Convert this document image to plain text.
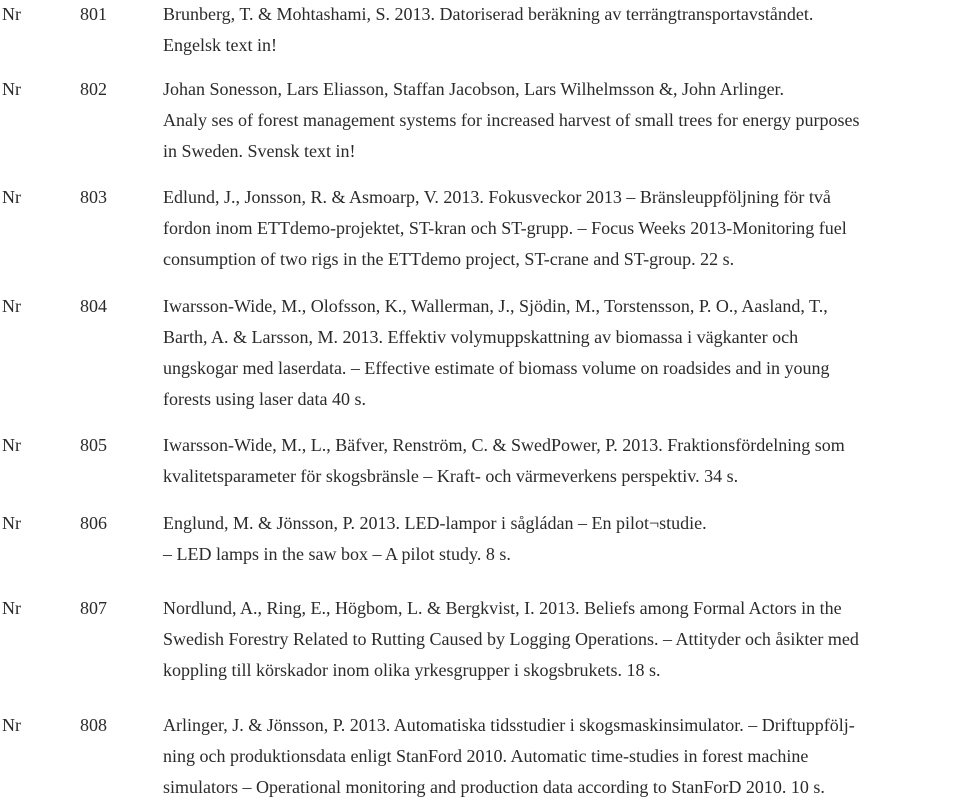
Nr	801	Brunberg, T. & Mohtashami, S. 2013. Datoriserad beräkning av terrängtransportavståndet.
Engelsk text in!
Nr	802	Johan Sonesson, Lars Eliasson, Staffan Jacobson, Lars Wilhelmsson &, John Arlinger.
Analy ses of forest management systems for increased harvest of small trees for energy purposes
in Sweden. Svensk text in!
Nr	803	Edlund, J., Jonsson, R. & Asmoarp, V. 2013. Fokusveckor 2013 – Bränsleuppföljning för två
fordon inom ETTdemo-projektet, ST-kran och ST-grupp. – Focus Weeks 2013-Monitoring fuel
consumption of two rigs in the ETTdemo project, ST-crane and ST-group. 22 s.
Nr	804	Iwarsson-Wide, M., Olofsson, K., Wallerman, J., Sjödin, M., Torstensson, P. O., Aasland, T.,
Barth, A. & Larsson, M. 2013. Effektiv volymuppskattning av biomassa i vägkanter och
ungskogar med laserdata. – Effective estimate of biomass volume on roadsides and in young
forests using laser data 40 s.
Nr	805	Iwarsson-Wide, M., L., Bäfver, Renström, C. & SwedPower, P. 2013. Fraktionsfördelning som
kvalitetsparameter för skogsbränsle – Kraft- och värmeverkens perspektiv. 34 s.
Nr	806	Englund, M. & Jönsson, P. 2013. LED-lampor i sågládan – En pilot¬studie.
– LED lamps in the saw box – A pilot study. 8 s.
Nr	807	Nordlund, A., Ring, E., Högbom, L. & Bergkvist, I. 2013. Beliefs among Formal Actors in the
Swedish Forestry Related to Rutting Caused by Logging Operations. – Attityder och åsikter med
koppling till körskador inom olika yrkesgrupper i skogsbrukets. 18 s.
Nr	808	Arlinger, J. & Jönsson, P. 2013. Automatiska tidsstudier i skogsmaskinsimulator. – Driftuppfölj-
ning och produktionsdata enligt StanFord 2010. Automatic time-studies in forest machine
simulators – Operational monitoring and production data according to StanForD 2010. 10 s.
